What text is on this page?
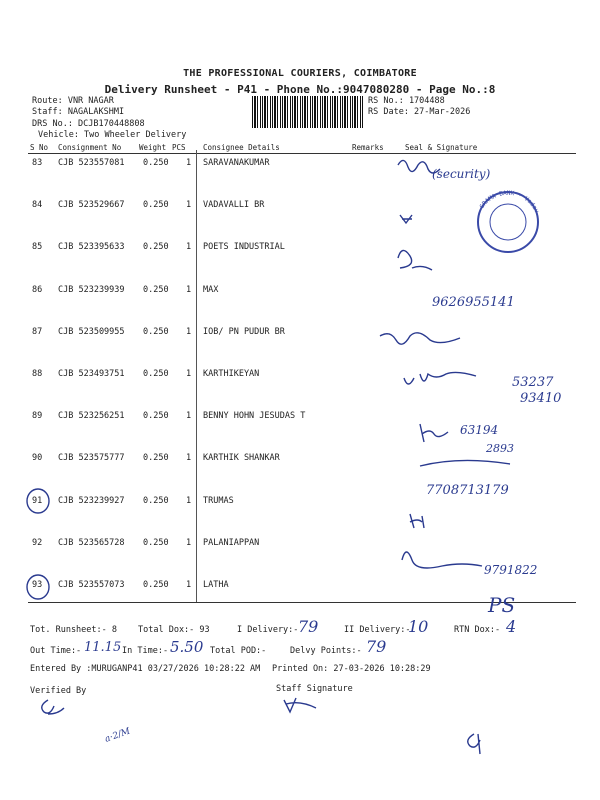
THE PROFESSIONAL COURIERS, COIMBATORE
Delivery Runsheet - P41 - Phone No.:9047080280 - Page No.:8
Route: VNR NAGAR
Staff: NAGALAKSHMI
DRS No.: DCJB170448808
Vehicle: Two Wheeler Delivery
RS No.: 1704488
RS Date: 27-Mar-2026
S No Consignment No Weight PCS Consignee Details	Remarks	Seal & Signature
83 CJB 523557081 0.250 1 SARAVANAKUMAR
84 CJB 523529667 0.250 1 VADAVALLI BR
85 CJB 523395633 0.250 1 POETS INDUSTRIAL
86 CJB 523239939 0.250 1 MAX
87 CJB 523509955 0.250 1 IOB/ PN PUDUR BR
88 CJB 523493751 0.250 1 KARTHIKEYAN
89 CJB 523256251 0.250 1 BENNY HOHN JESUDAS T
90 CJB 523575777 0.250 1 KARTHIK SHANKAR
91 CJB 523239927 0.250 1 TRUMAS
92 CJB 523565728 0.250 1 PALANIAPPAN
93 CJB 523557073 0.250 1 LATHA
(security)
GRAMA BANK • Vadavalli Branch
9626955141
53237
93410
63194
2893
7708713179
9791822
PS
a·2/M
Tot. Runsheet:- 8 Total Dox:- 93	I Delivery:- 79	II Delivery:-
10	RTN Dox:- 4
Out Time:- 11.15 In Time:- 5.50 Total POD:-	Delvy Points:- 79
Entered By :MURUGANP41 03/27/2026 10:28:22 AM Printed On: 27-03-2026 10:28:29
Verified By	Staff Signature
